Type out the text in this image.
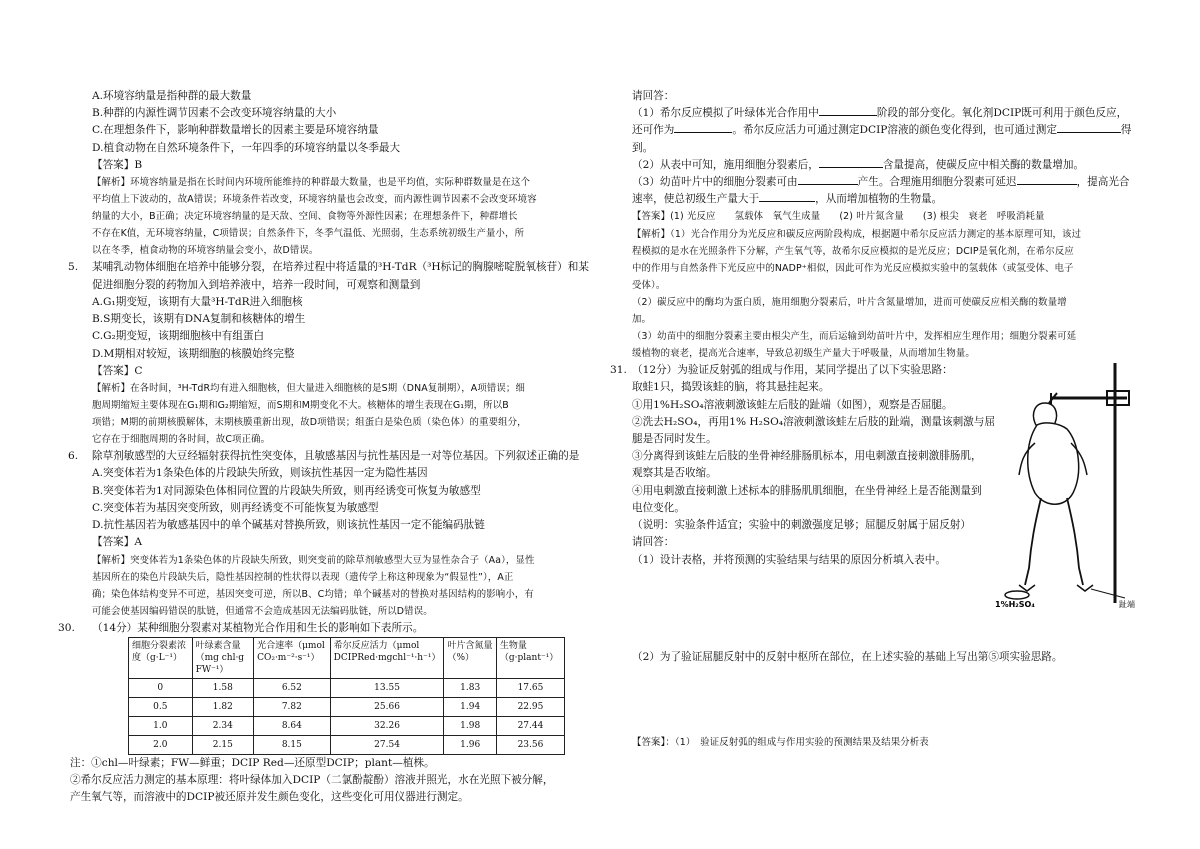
A.环境容纳量是指种群的最大数量

B.种群的内源性调节因素不会改变环境容纳量的大小

C.在理想条件下，影响种群数量增长的因素主要是环境容纳量

D.植食动物在自然环境条件下，一年四季的环境容纳量以冬季最大

【答案】B

【解析】环境容纳量是指在长时间内环境所能维持的种群最大数量，也是平均值，实际种群数量是在这个

平均值上下波动的，故A错误；环境条件若改变，环境容纳量也会改变，而内源性调节因素不会改变环境容

纳量的大小，B正确；决定环境容纳量的是天敌、空间、食物等外源性因素；在理想条件下，种群增长

不存在K值，无环境容纳量，C项错误；自然条件下，冬季气温低、光照弱，生态系统初级生产量小，所

以在冬季，植食动物的环境容纳量会变小，故D错误。

5. 某哺乳动物体细胞在培养中能够分裂，在培养过程中将适量的³H-TdR（³H标记的胸腺嘧啶脱氧核苷）和某

促进细胞分裂的药物加入到培养液中，培养一段时间，可观察和测量到

A.G₁期变短，该期有大量³H-TdR进入细胞核

B.S期变长，该期有DNA复制和核糖体的增生

C.G₂期变短，该期细胞核中有组蛋白

D.M期相对较短，该期细胞的核膜始终完整

【答案】C

【解析】在各时间，³H-TdR均有进入细胞核，但大量进入细胞核的是S期（DNA复制期），A项错误；细

胞周期缩短主要体现在G₁期和G₂期缩短，而S期和M期变化不大。核糖体的增生表现在G₁期，所以B

项错；M期的前期核膜解体，末期核膜重新出现，故D项错误；组蛋白是染色质（染色体）的重要组分，

它存在于细胞周期的各时间，故C项正确。

6. 除草剂敏感型的大豆经辐射获得抗性突变体，且敏感基因与抗性基因是一对等位基因。下列叙述正确的是

A.突变体若为1条染色体的片段缺失所致，则该抗性基因一定为隐性基因

B.突变体若为1对同源染色体相同位置的片段缺失所致，则再经诱变可恢复为敏感型

C.突变体若为基因突变所致，则再经诱变不可能恢复为敏感型

D.抗性基因若为敏感基因中的单个碱基对替换所致，则该抗性基因一定不能编码肽链

【答案】A

【解析】突变体若为1条染色体的片段缺失所致，则突变前的除草剂敏感型大豆为显性杂合子（Aa），显性

基因所在的染色片段缺失后，隐性基因控制的性状得以表现（遗传学上称这种现象为“假显性”），A正

确；染色体结构变异不可逆，基因突变可逆，所以B、C均错；单个碱基对的替换对基因结构的影响小，有

可能会使基因编码错误的肽链，但通常不会造成基因无法编码肽链，所以D错误。

30. （14分）某种细胞分裂素对某植物光合作用和生长的影响如下表所示。

细胞分裂素浓度（g·L⁻¹）	叶绿素含量（mg chl·g FW⁻¹）	光合速率（μmol CO₂·m⁻²·s⁻¹）	希尔反应活力（μmol DCIPRed·mgchl⁻¹·h⁻¹）	叶片含氮量（%）	生物量（g·plant⁻¹）
0	1.58	6.52	13.55	1.83	17.65
0.5	1.82	7.82	25.66	1.94	22.95
1.0	2.34	8.64	32.26	1.98	27.44
2.0	2.15	8.15	27.54	1.96	23.56

注：①chl—叶绿素；FW—鲜重；DCIP Red—还原型DCIP；plant—植株。

②希尔反应活力测定的基本原理：将叶绿体加入DCIP（二氯酚靛酚）溶液并照光，水在光照下被分解，

产生氧气等，而溶液中的DCIP被还原并发生颜色变化，这些变化可用仪器进行测定。

请回答：

（1）希尔反应模拟了叶绿体光合作用中	阶段的部分变化。氧化剂DCIP既可利用于颜色反应，

还可作为	。希尔反应活力可通过测定DCIP溶液的颜色变化得到，也可通过测定	得

到。

（2）从表中可知，施用细胞分裂素后，	含量提高，使碳反应中相关酶的数量增加。

（3）幼苗叶片中的细胞分裂素可由	产生。合理施用细胞分裂素可延迟	，提高光合

速率，使总初级生产量大于	，从而增加植物的生物量。

【答案】(1) 光反应　　氢载体　氧气生成量　　(2) 叶片氮含量　　(3) 根尖　衰老　呼吸消耗量

【解析】（1）光合作用分为光反应和碳反应两阶段构成，根据题中希尔反应活力测定的基本原理可知，该过

程模拟的是水在光照条件下分解，产生氧气等，故希尔反应模拟的是光反应；DCIP是氧化剂，在希尔反应

中的作用与自然条件下光反应中的NADP⁺相似，因此可作为光反应模拟实验中的氢载体（或氢受体、电子

受体）。

（2）碳反应中的酶均为蛋白质，施用细胞分裂素后，叶片含氮量增加，进而可使碳反应相关酶的数量增

加。

（3）幼苗中的细胞分裂素主要由根尖产生，而后运输到幼苗叶片中，发挥相应生理作用；细胞分裂素可延

缓植物的衰老，提高光合速率，导致总初级生产量大于呼吸量，从而增加生物量。

31. （12分）为验证反射弧的组成与作用，某同学提出了以下实验思路：

取蛙1只，捣毁该蛙的脑，将其悬挂起来。

①用1%H₂SO₄溶液刺激该蛙左后肢的趾端（如图），观察是否屈腿。

②洗去H₂SO₄，再用1% H₂SO₄溶液刺激该蛙左后肢的趾端，测量该刺激与屈

腿是否同时发生。

③分离得到该蛙左后肢的坐骨神经腓肠肌标本，用电刺激直接刺激腓肠肌，

观察其是否收缩。

④用电刺激直接刺激上述标本的腓肠肌肌细胞，在坐骨神经上是否能测量到

电位变化。

（说明：实验条件适宜；实验中的刺激强度足够；屈腿反射属于屈反射）

请回答：

（1）设计表格，并将预测的实验结果与结果的原因分析填入表中。

（2）为了验证屈腿反射中的反射中枢所在部位，在上述实验的基础上写出第⑤项实验思路。

【答案】：（1）　验证反射弧的组成与作用实验的预测结果及结果分析表

1%H₂SO₄	趾端
